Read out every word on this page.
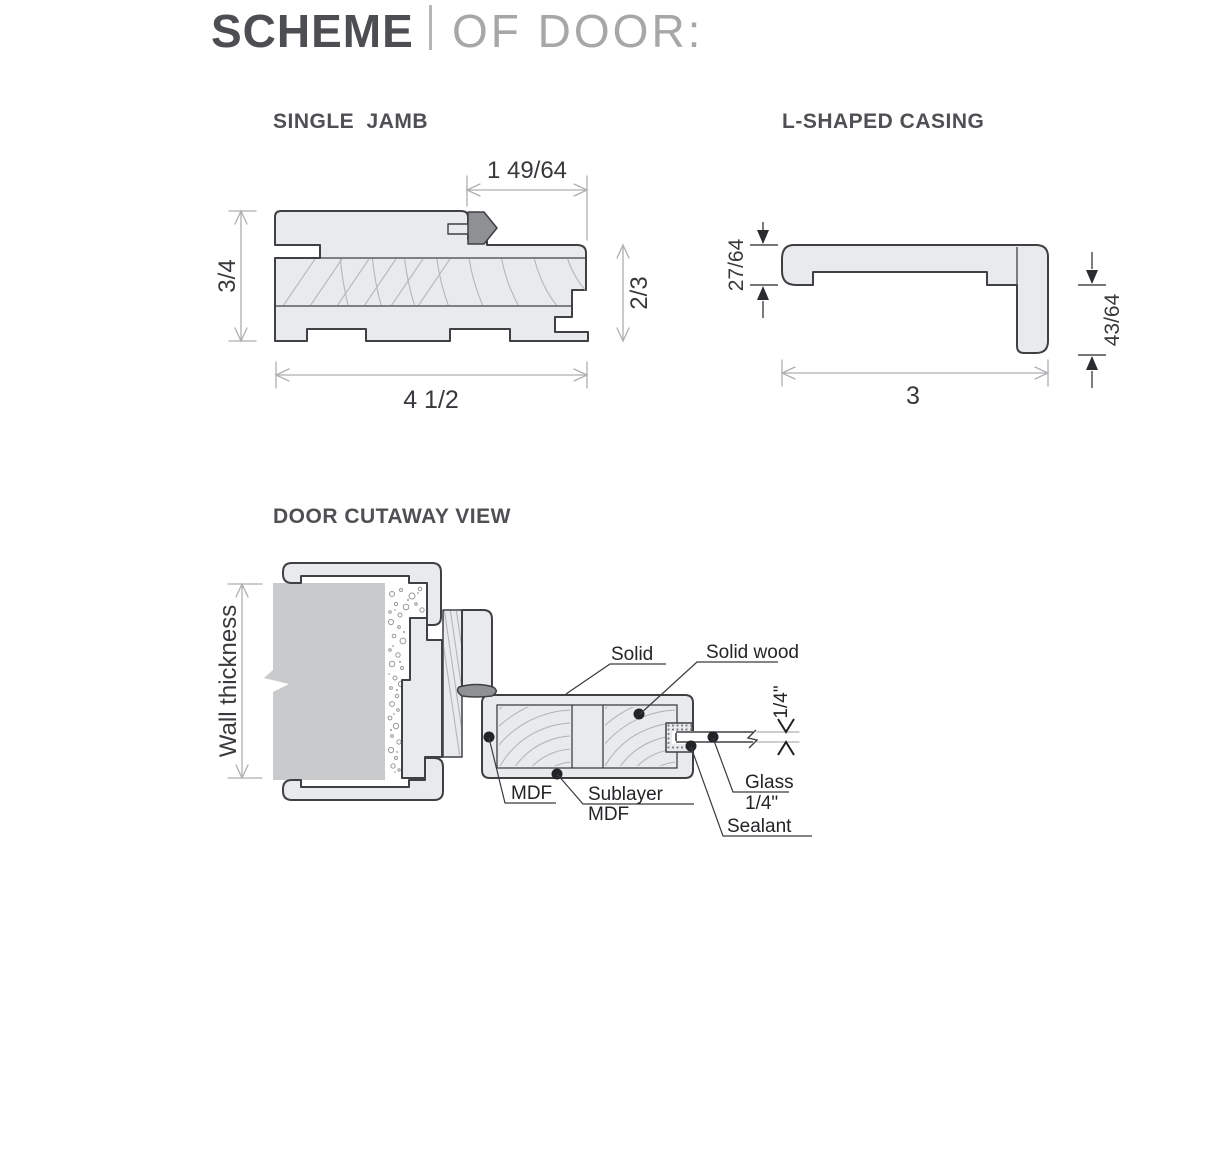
SCHEME OF DOOR:
SINGLE JAMB
1 49/64
3/4
2/3
4 1/2
L-SHAPED CASING
27/64
43/64
3
DOOR CUTAWAY VIEW
Wall thickness	1/4"
Solid	Solid wood
MDF Sublayer
MDF
Glass
1/4"
Sealant
